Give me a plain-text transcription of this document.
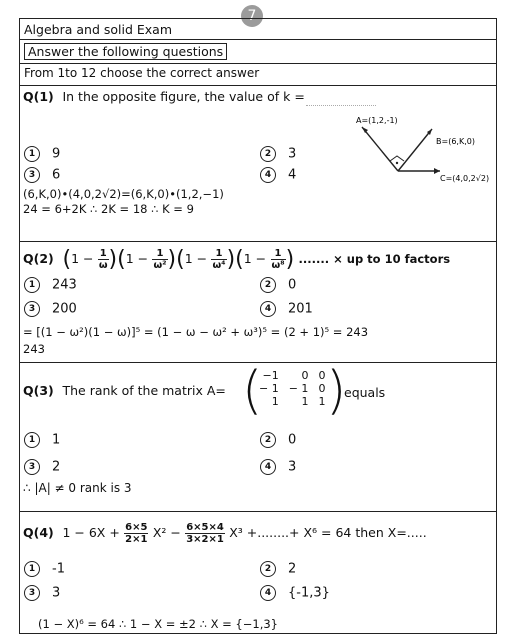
7
Algebra and solid Exam
Answer the following questions
From 1to 12 choose the correct answer
Q(1) In the opposite figure, the value of k =
A=(1,2,-1)
B=(6,K,0)
C=(4,0,2√2)
1 9	2 3
3 6	4 4
(6,K,0)•(4,0,2√2)=(6,K,0)•(1,2,−1)
24 = 6+2K ∴ 2K = 18 ∴ K = 9
Q(2) $(1 - \frac{1}{\omega} )(1 - \frac{1}{\text{ω²}} )(1 - \frac{1}{\text{ω⁴}} )(1 - \frac{1}{\text{ω⁸}}$ ) ....... × up to 10 factors
1 243	2 0
3 200	4 201
= [(1 − ω²)(1 − ω)]⁵ = (1 − ω − ω² + ω³)⁵ = (2 + 1)⁵ = 243
243
Q(3) The rank of the matrix A= ( −1	0	0
− 1	− 1	0
1	1	1 )
equals
1 1	2 0
3 2	4 3
∴ |A| ≠ 0 rank is 3
Q(4) $1 - 6X + \frac{6\times 5}{2\times 1} X^2 - \frac{6\times 5\times 4}{3\times 2\times 1} X^3$ +........+ X⁶ = 64 then X=.....
1 -1	2 2
3 3	4 {-1,3}
(1 − X)⁶ = 64 ∴ 1 − X = ±2 ∴ X = {−1,3}
